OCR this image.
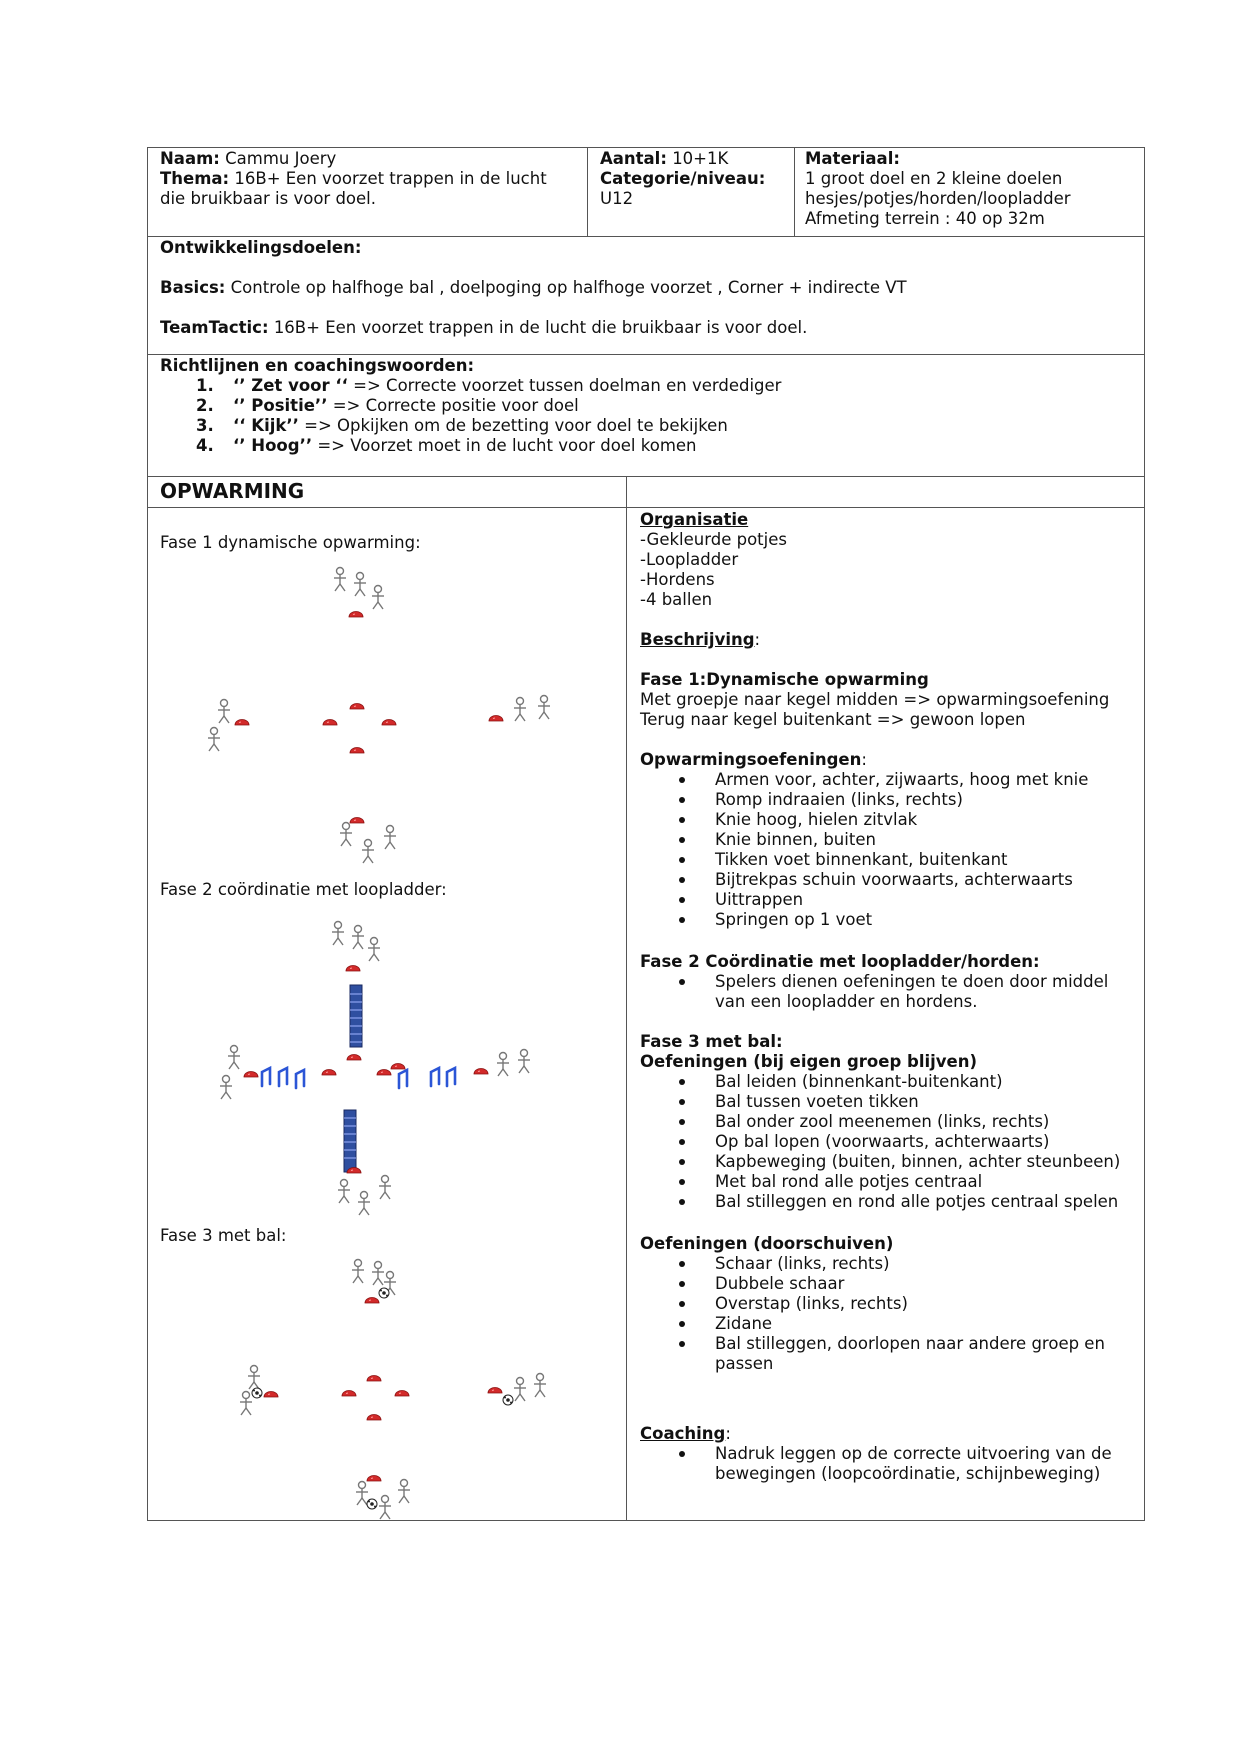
Naam: Cammu Joery
Thema: 16B+ Een voorzet trappen in de lucht
die bruikbaar is voor doel.
Aantal: 10+1K
Categorie/niveau:
U12
Materiaal:
1 groot doel en 2 kleine doelen
hesjes/potjes/horden/loopladder
Afmeting terrein : 40 op 32m
Ontwikkelingsdoelen:
Basics: Controle op halfhoge bal , doelpoging op halfhoge voorzet , Corner + indirecte VT
TeamTactic: 16B+ Een voorzet trappen in de lucht die bruikbaar is voor doel.
Richtlijnen en coachingswoorden:
1. ‘’ Zet voor ‘‘ => Correcte voorzet tussen doelman en verdediger
2. ‘’ Positie’’ => Correcte positie voor doel
3. ‘‘ Kijk’’ => Opkijken om de bezetting voor doel te bekijken
4. ‘’ Hoog’’ => Voorzet moet in de lucht voor doel komen
OPWARMING
Fase 1 dynamische opwarming:
Fase 2 coördinatie met loopladder:
Fase 3 met bal:
Organisatie
-Gekleurde potjes
-Loopladder
-Hordens
-4 ballen
Beschrijving:
Fase 1:Dynamische opwarming
Met groepje naar kegel midden => opwarmingsoefening
Terug naar kegel buitenkant => gewoon lopen
Opwarmingsoefeningen:
Armen voor, achter, zijwaarts, hoog met knie
Romp indraaien (links, rechts)
Knie hoog, hielen zitvlak
Knie binnen, buiten
Tikken voet binnenkant, buitenkant
Bijtrekpas schuin voorwaarts, achterwaarts
Uittrappen
Springen op 1 voet
Fase 2 Coördinatie met loopladder/horden:
Spelers dienen oefeningen te doen door middel
van een loopladder en hordens.
Fase 3 met bal:
Oefeningen (bij eigen groep blijven)
Bal leiden (binnenkant-buitenkant)
Bal tussen voeten tikken
Bal onder zool meenemen (links, rechts)
Op bal lopen (voorwaarts, achterwaarts)
Kapbeweging (buiten, binnen, achter steunbeen)
Met bal rond alle potjes centraal
Bal stilleggen en rond alle potjes centraal spelen
Oefeningen (doorschuiven)
Schaar (links, rechts)
Dubbele schaar
Overstap (links, rechts)
Zidane
Bal stilleggen, doorlopen naar andere groep en
passen
Coaching:
Nadruk leggen op de correcte uitvoering van de
bewegingen (loopcoördinatie, schijnbeweging)
